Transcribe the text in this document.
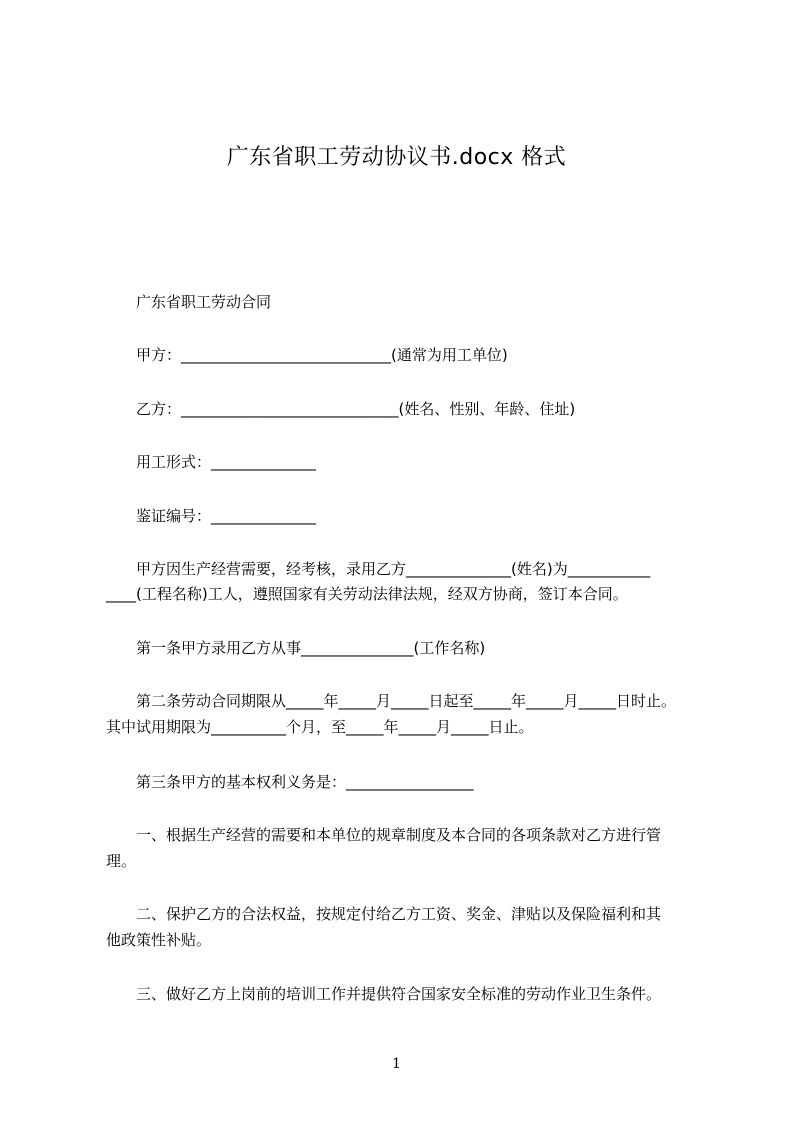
广东省职工劳动协议书.docx 格式
广东省职工劳动合同
甲方：____________________________(通常为用工单位)
乙方：_____________________________(姓名、性别、年龄、住址)
用工形式：______________
鉴证编号：______________
甲方因生产经营需要，经考核，录用乙方______________(姓名)为___________
____(工程名称)工人，遵照国家有关劳动法律法规，经双方协商，签订本合同。
第一条甲方录用乙方从事_______________(工作名称)
第二条劳动合同期限从_____年_____月_____日起至_____年_____月_____日时止。
其中试用期限为__________个月，至_____年_____月_____日止。
第三条甲方的基本权利义务是：_________________
一、根据生产经营的需要和本单位的规章制度及本合同的各项条款对乙方进行管
理。
二、保护乙方的合法权益，按规定付给乙方工资、奖金、津贴以及保险福利和其
他政策性补贴。
三、做好乙方上岗前的培训工作并提供符合国家安全标准的劳动作业卫生条件。
1
